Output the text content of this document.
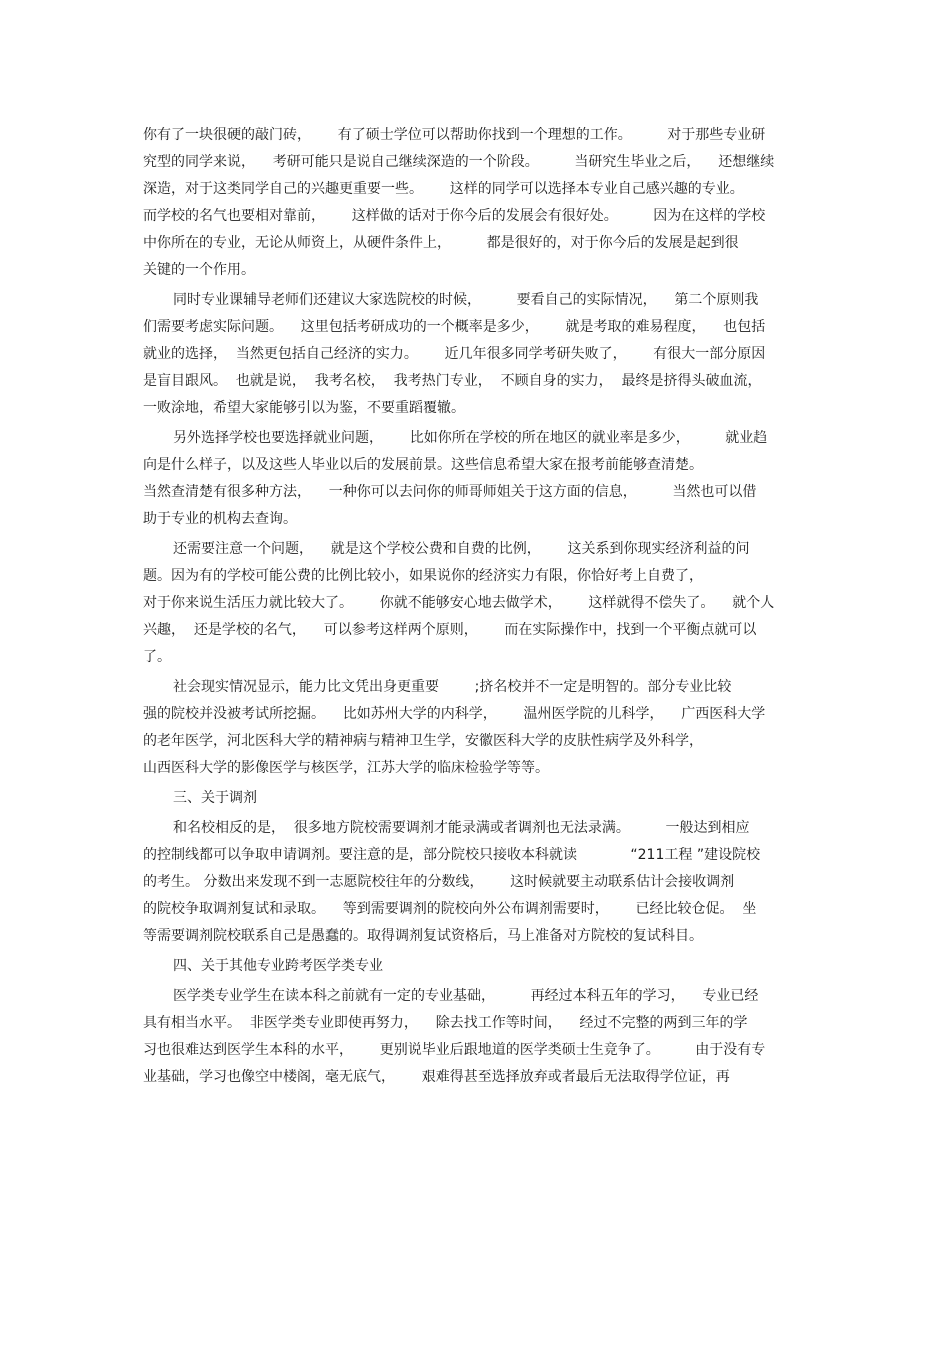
你有了一块很硬的敲门砖，      有了硕士学位可以帮助你找到一个理想的工作。        对于那些专业研

究型的同学来说，    考研可能只是说自己继续深造的一个阶段。        当研究生毕业之后，    还想继续

深造，对于这类同学自己的兴趣更重要一些。      这样的同学可以选择本专业自己感兴趣的专业。

而学校的名气也要相对靠前，      这样做的话对于你今后的发展会有很好处。        因为在这样的学校

中你所在的专业，无论从师资上，从硬件条件上，        都是很好的，对于你今后的发展是起到很

关键的一个作用。

同时专业课辅导老师们还建议大家选院校的时候，        要看自己的实际情况，    第二个原则我

们需要考虑实际问题。    这里包括考研成功的一个概率是多少，      就是考取的难易程度，    也包括

就业的选择，  当然更包括自己经济的实力。      近几年很多同学考研失败了，      有很大一部分原因

是盲目跟风。  也就是说，  我考名校，  我考热门专业，  不顾自身的实力，  最终是挤得头破血流，

一败涂地，希望大家能够引以为鉴，不要重蹈覆辙。

另外选择学校也要选择就业问题，      比如你所在学校的所在地区的就业率是多少，        就业趋

向是什么样子，以及这些人毕业以后的发展前景。这些信息希望大家在报考前能够查清楚。

当然查清楚有很多种方法，    一种你可以去问你的师哥师姐关于这方面的信息，        当然也可以借

助于专业的机构去查询。

还需要注意一个问题，    就是这个学校公费和自费的比例，      这关系到你现实经济利益的问

题。因为有的学校可能公费的比例比较小，如果说你的经济实力有限，你恰好考上自费了，

对于你来说生活压力就比较大了。      你就不能够安心地去做学术，      这样就得不偿失了。    就个人

兴趣，  还是学校的名气，    可以参考这样两个原则，      而在实际操作中，找到一个平衡点就可以

了。

社会现实情况显示，能力比文凭出身更重要        ;挤名校并不一定是明智的。部分专业比较

强的院校并没被考试所挖掘。    比如苏州大学的内科学，      温州医学院的儿科学，    广西医科大学

的老年医学，河北医科大学的精神病与精神卫生学，安徽医科大学的皮肤性病学及外科学，

山西医科大学的影像医学与核医学，江苏大学的临床检验学等等。

三、关于调剂

和名校相反的是，  很多地方院校需要调剂才能录满或者调剂也无法录满。        一般达到相应

的控制线都可以争取申请调剂。要注意的是，部分院校只接收本科就读            “211工程 ”建设院校

的考生。 分数出来发现不到一志愿院校往年的分数线，      这时候就要主动联系估计会接收调剂

的院校争取调剂复试和录取。    等到需要调剂的院校向外公布调剂需要时，      已经比较仓促。  坐

等需要调剂院校联系自己是愚蠢的。取得调剂复试资格后，马上准备对方院校的复试科目。

四、关于其他专业跨考医学类专业

医学类专业学生在读本科之前就有一定的专业基础，        再经过本科五年的学习，    专业已经

具有相当水平。  非医学类专业即使再努力，    除去找工作等时间，    经过不完整的两到三年的学

习也很难达到医学生本科的水平，      更别说毕业后跟地道的医学类硕士生竞争了。        由于没有专

业基础，学习也像空中楼阁，毫无底气，      艰难得甚至选择放弃或者最后无法取得学位证，再
